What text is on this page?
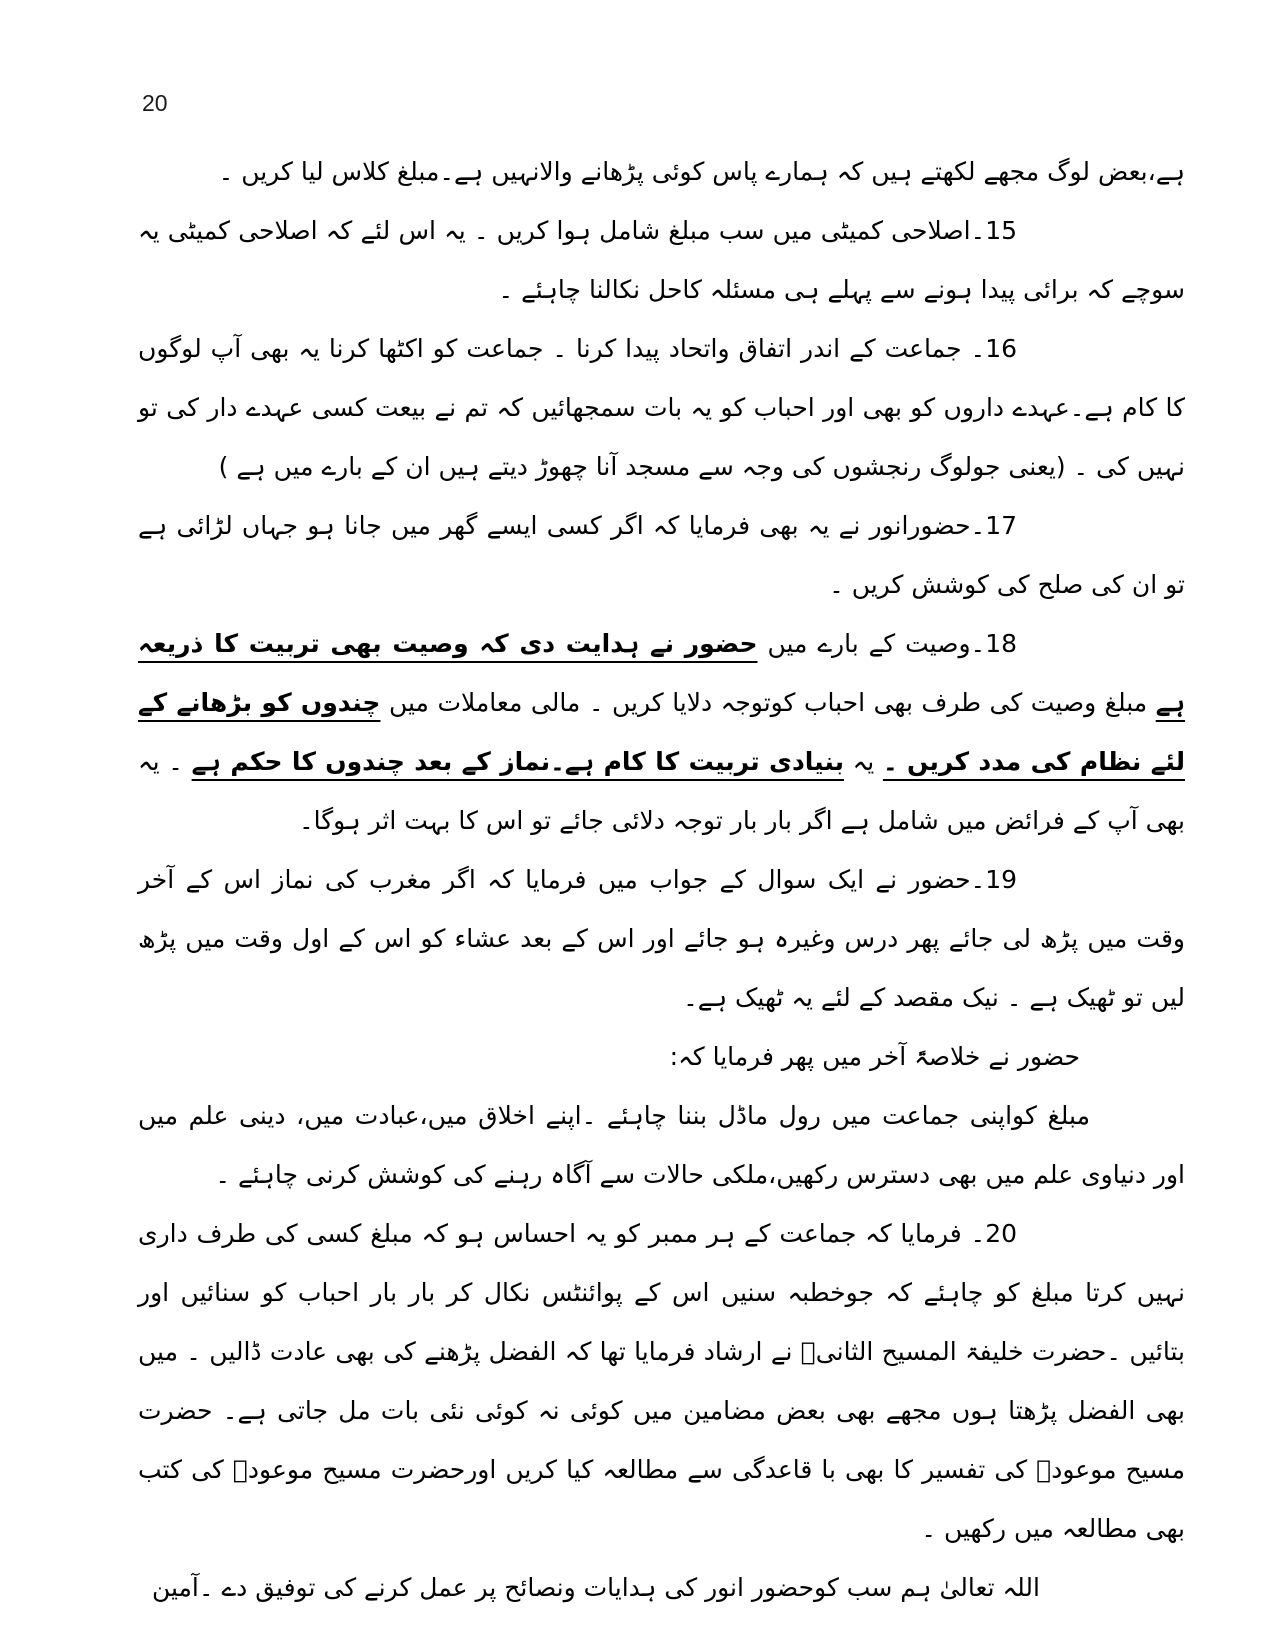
20

ہے،بعض لوگ مجھے لکھتے ہیں کہ ہمارے پاس کوئی پڑھانے والانہیں ہے۔مبلغ کلاس لیا کریں ۔

15۔اصلاحی کمیٹی میں سب مبلغ شامل ہوا کریں ۔ یہ اس لئے کہ اصلاحی کمیٹی یہ سوچے کہ برائی پیدا ہونے سے پہلے ہی مسئلہ کاحل نکالنا چاہئے ۔

16۔ جماعت کے اندر اتفاق واتحاد پیدا کرنا ۔ جماعت کو اکٹھا کرنا یہ بھی آپ لوگوں کا کام ہے۔عہدے داروں کو بھی اور احباب کو یہ بات سمجھائیں کہ تم نے بیعت کسی عہدے دار کی تو نہیں کی ۔ (یعنی جولوگ رنجشوں کی وجہ سے مسجد آنا چھوڑ دیتے ہیں ان کے بارے میں ہے )

17۔حضورانور نے یہ بھی فرمایا کہ اگر کسی ایسے گھر میں جانا ہو جہاں لڑائی ہے تو ان کی صلح کی کوشش کریں ۔

18۔وصیت کے بارے میں حضور نے ہدایت دی کہ وصیت بھی تربیت کا ذریعہ ہے مبلغ وصیت کی طرف بھی احباب کوتوجہ دلایا کریں ۔ مالی معاملات میں چندوں کو بڑھانے کے لئے نظام کی مدد کریں ۔ یہ بنیادی تربیت کا کام ہے۔نماز کے بعد چندوں کا حکم ہے ۔ یہ بھی آپ کے فرائض میں شامل ہے اگر بار بار توجہ دلائی جائے تو اس کا بہت اثر ہوگا۔

19۔حضور نے ایک سوال کے جواب میں فرمایا کہ اگر مغرب کی نماز اس کے آخر وقت میں پڑھ لی جائے پھر درس وغیرہ ہو جائے اور اس کے بعد عشاء کو اس کے اول وقت میں پڑھ لیں تو ٹھیک ہے ۔ نیک مقصد کے لئے یہ ٹھیک ہے۔

حضور نے خلاصۃً آخر میں پھر فرمایا کہ:

مبلغ کواپنی جماعت میں رول ماڈل بننا چاہئے ۔اپنے اخلاق میں،عبادت میں، دینی علم میں اور دنیاوی علم میں بھی دسترس رکھیں،ملکی حالات سے آگاہ رہنے کی کوشش کرنی چاہئے ۔

20۔ فرمایا کہ جماعت کے ہر ممبر کو یہ احساس ہو کہ مبلغ کسی کی طرف داری نہیں کرتا مبلغ کو چاہئے کہ جوخطبہ سنیں اس کے پوائنٹس نکال کر بار بار احباب کو سنائیں اور بتائیں ۔حضرت خلیفۃ المسیح الثانیؓ نے ارشاد فرمایا تھا کہ الفضل پڑھنے کی بھی عادت ڈالیں ۔ میں بھی الفضل پڑھتا ہوں مجھے بھی بعض مضامین میں کوئی نہ کوئی نئی بات مل جاتی ہے۔ حضرت مسیح موعودؑ کی تفسیر کا بھی با قاعدگی سے مطالعہ کیا کریں اورحضرت مسیح موعودؑ کی کتب بھی مطالعہ میں رکھیں ۔

اللہ تعالیٰ ہم سب کوحضور انور کی ہدایات ونصائح پر عمل کرنے کی توفیق دے ۔آمین
